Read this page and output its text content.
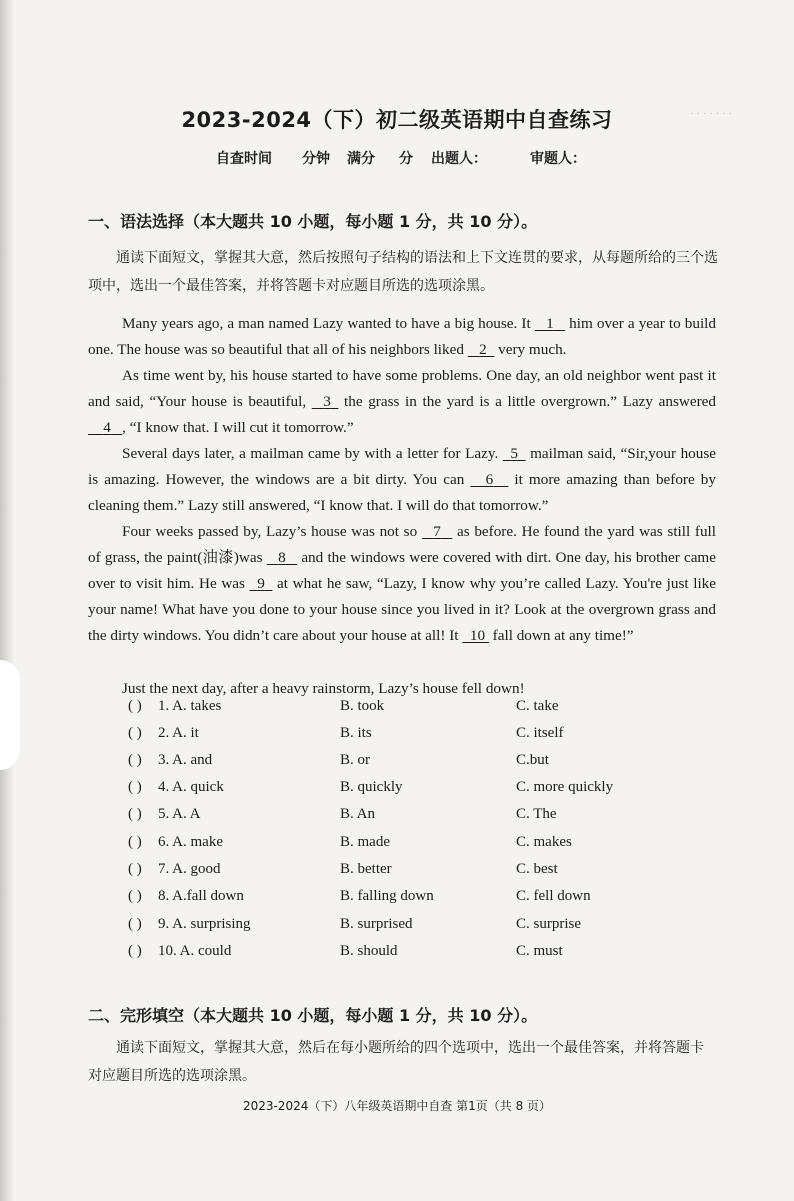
2023-2024（下）初二级英语期中自查练习
自查时间 分钟 满分 分 出题人：	审题人：
一、语法选择（本大题共 10 小题，每小题 1 分，共 10 分）。
通读下面短文，掌握其大意，然后按照句子结构的语法和上下文连贯的要求，从每题所给的三个选项中，选出一个最佳答案，并将答题卡对应题目所选的选项涂黑。
Many years ago, a man named Lazy wanted to have a big house. It    1    him over a year to build one. The house was so beautiful that all of his neighbors liked    2   very much.
As time went by, his house started to have some problems. One day, an old neighbor went past it and said, “Your house is beautiful,    3   the grass in the yard is a little overgrown.” Lazy answered     4 , “I know that. I will cut it tomorrow.”
Several days later, a mailman came by with a letter for Lazy.   5   mailman said, “Sir,your house is amazing. However, the windows are a bit dirty. You can     6     it more amazing than before by cleaning them.” Lazy still answered, “I know that. I will do that tomorrow.”
Four weeks passed by, Lazy’s house was not so    7    as before. He found the yard was still full of grass, the paint(油漆)was    8    and the windows were covered with dirt. One day, his brother came over to visit him. He was   9   at what he saw, “Lazy, I know why you’re called Lazy. You're just like your name! What have you done to your house since you lived in it? Look at the overgrown grass and the dirty windows. You didn’t care about your house at all! It   10  fall down at any time!”
Just the next day, after a heavy rainstorm, Lazy’s house fell down!
( ) 1. A. takes	B. took	C. take
( ) 2. A. it	B. its	C. itself
( ) 3. A. and	B. or	C.but
( ) 4. A. quick	B. quickly	C. more quickly
( ) 5. A. A	B. An	C. The
( ) 6. A. make	B. made	C. makes
( ) 7. A. good	B. better	C. best
( ) 8. A.fall down	B. falling down	C. fell down
( ) 9. A. surprising	B. surprised	C. surprise
( ) 10. A. could	B. should	C. must
二、完形填空（本大题共 10 小题，每小题 1 分，共 10 分）。
通读下面短文，掌握其大意，然后在每小题所给的四个选项中，选出一个最佳答案，并将答题卡对应题目所选的选项涂黑。
2023-2024（下）八年级英语期中自查 第1页（共 8 页）
· · · · · · ·
